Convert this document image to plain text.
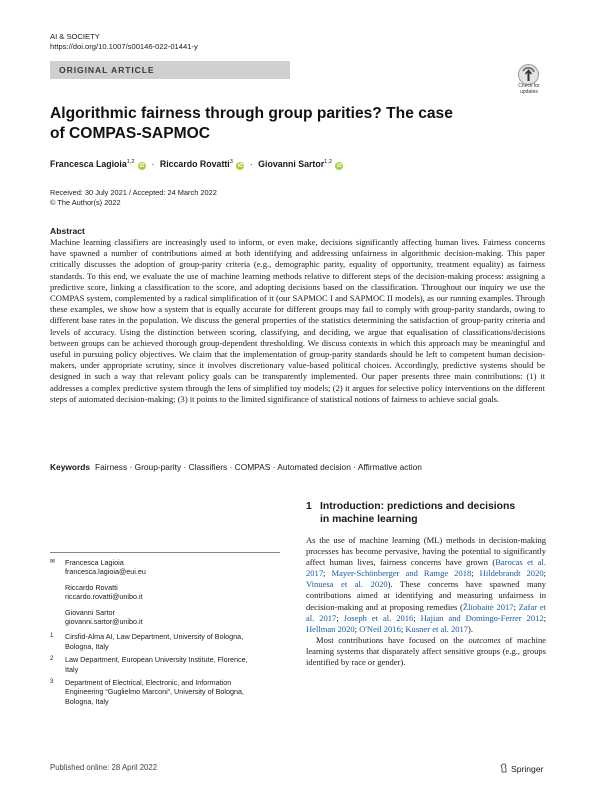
AI & SOCIETY
https://doi.org/10.1007/s00146-022-01441-y
ORIGINAL ARTICLE
Check for
updates
Algorithmic fairness through group parities? The case
of COMPAS-SAPMOC
Francesca Lagioia$^{1,2}$ iD · Riccardo Rovatti$^3$ iD · Giovanni Sartor$^{1,2}$ iD
Received: 30 July 2021 / Accepted: 24 March 2022
© The Author(s) 2022
Abstract

Machine learning classifiers are increasingly used to inform, or even make, decisions significantly affecting human lives. Fairness concerns have spawned a number of contributions aimed at both identifying and addressing unfairness in algorithmic decision-making. This paper critically discusses the adoption of group-parity criteria (e.g., demographic parity, equality of opportunity, treatment equality) as fairness standards. To this end, we evaluate the use of machine learning methods relative to different steps of the decision-making process: assigning a predictive score, linking a classification to the score, and adopting decisions based on the classification. Throughout our inquiry we use the COMPAS system, complemented by a radical simplification of it (our SAPMOC I and SAPMOC II models), as our running examples. Through these examples, we show how a system that is equally accurate for different groups may fail to comply with group-parity standards, owing to different base rates in the population. We discuss the general properties of the statistics determining the satisfaction of group-parity criteria and levels of accuracy. Using the distinction between scoring, classifying, and deciding, we argue that equalisation of classifications/decisions between groups can be achieved thorough group-dependent thresholding. We discuss contexts in which this approach may be meaningful and useful in pursuing policy objectives. We claim that the implementation of group-parity standards should be left to competent human decision-makers, under appropriate scrutiny, since it involves discretionary value-based political choices. Accordingly, predictive systems should be designed in such a way that relevant policy goals can be transparently implemented. Our paper presents three main contributions: (1) it addresses a complex predictive system through the lens of simplified toy models; (2) it argues for selective policy interventions on the different steps of automated decision-making; (3) it points to the limited significance of statistical notions of fairness to achieve social goals.

Keywords Fairness · Group-parity · Classifiers · COMPAS · Automated decision · Affirmative action
✉ Francesca Lagioia
francesca.lagioia@eui.eu
Riccardo Rovatti
riccardo.rovatti@unibo.it
Giovanni Sartor
giovanni.sartor@unibo.it
1 Cirsfid-Alma AI, Law Department, University of Bologna,
Bologna, Italy
2 Law Department, European University Institute, Florence,
Italy
3 Department of Electrical, Electronic, and Information
Engineering “Guglielmo Marconi”, University of Bologna,
Bologna, Italy
1 Introduction: predictions and decisions
in machine learning

As the use of machine learning (ML) methods in decision-making processes has become pervasive, having the potential to significantly affect human lives, fairness concerns have grown (Barocas et al. 2017; Mayer-Schönberger and Ramge 2018; Hildebrandt 2020; Vinuesa et al. 2020). These concerns have spawned many contributions aimed at identifying and measuring unfairness in decision-making and at proposing remedies (Žliobaitė 2017; Zafar et al. 2017; Joseph et al. 2016; Hajian and Domingo-Ferrer 2012; Hellman 2020; O'Neil 2016; Kusner et al. 2017).

Most contributions have focused on the outcomes of machine learning systems that disparately affect sensitive groups (e.g., groups identified by race or gender).

Published online: 28 April 2022	Springer
